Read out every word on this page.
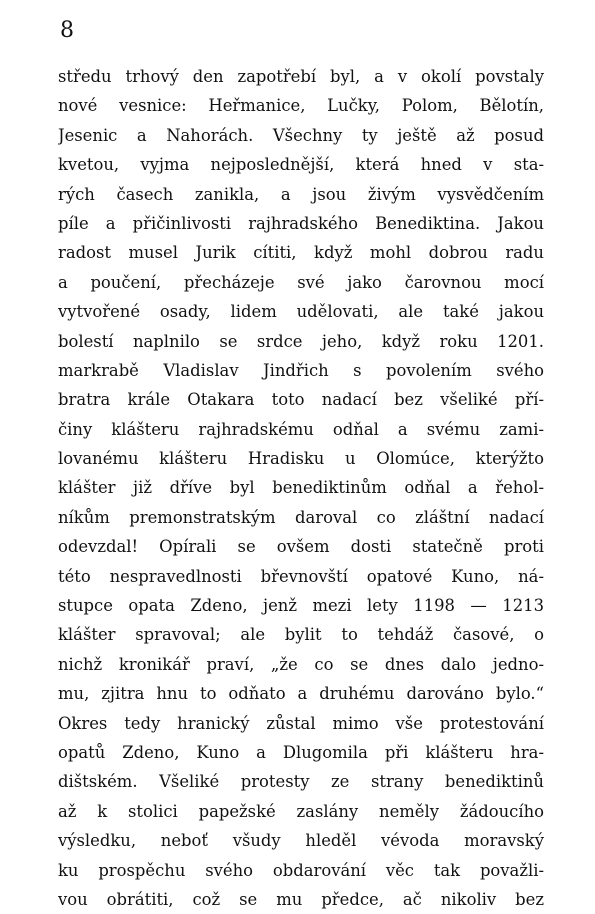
8
středu trhový den zapotřebí byl, a v okolí povstaly
nové vesnice: Heřmanice, Lučky, Polom, Bělotín,
Jesenic a Nahorách. Všechny ty ještě až posud
kvetou, vyjma nejposlednější, která hned v sta-
rých časech zanikla, a jsou živým vysvědčením
píle a přičinlivosti rajhradského Benediktina. Jakou
radost musel Jurik cítiti, když mohl dobrou radu
a poučení, přecházeje své jako čarovnou mocí
vytvořené osady, lidem udělovati, ale také jakou
bolestí naplnilo se srdce jeho, když roku 1201.
markrabě Vladislav Jindřich s povolením svého
bratra krále Otakara toto nadací bez všeliké pří-
činy klášteru rajhradskému odňal a svému zami-
lovanému klášteru Hradisku u Olomúce, kterýžto
klášter již dříve byl benediktinům odňal a řehol-
níkům premonstratským daroval co zláštní nadací
odevzdal! Opírali se ovšem dosti statečně proti
této nespravedlnosti břevnovští opatové Kuno, ná-
stupce opata Zdeno, jenž mezi lety 1198 — 1213
klášter spravoval; ale bylit to tehdáž časové, o
nichž kronikář praví, „že co se dnes dalo jedno-
mu, zjitra hnu to odňato a druhému darováno bylo.“
Okres tedy hranický zůstal mimo vše protestování
opatů Zdeno, Kuno a Dlugomila při klášteru hra-
dištském. Všeliké protesty ze strany benediktinů
až k stolici papežské zaslány neměly žádoucího
výsledku, neboť všudy hleděl vévoda moravský
ku prospěchu svého obdarování věc tak považli-
vou obrátiti, což se mu předce, ač nikoliv bez
